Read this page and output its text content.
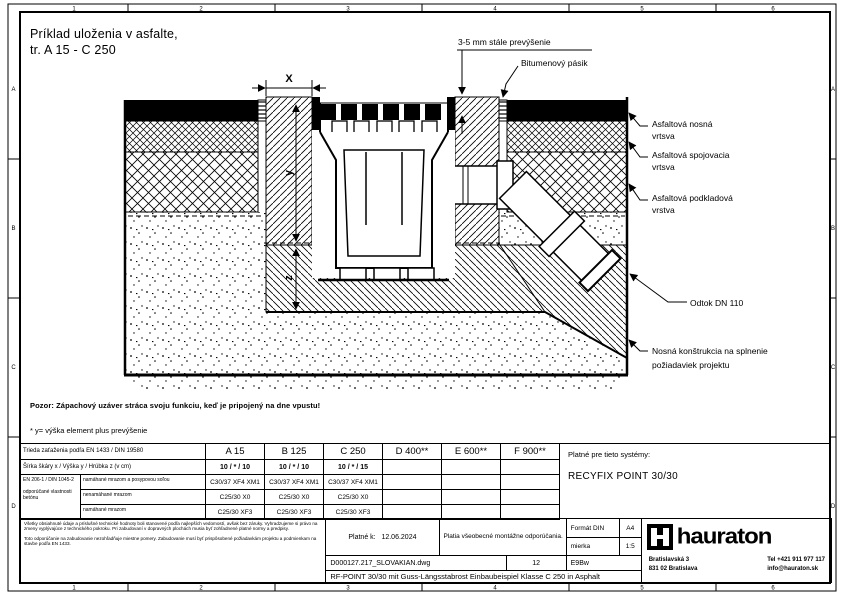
1	2	3	4	5	6
1	2	3	4	5	6
A
B
C
D
A
B
C
D
X
y
z
3-5 mm stále prevýšenie
Bitumenový pásik
Asfaltová nosná
vrtsva
Asfaltová spojovacia
vrtsva
Asfaltová podkladová
vrstva
Odtok DN 110
Nosná konštrukcia na splnenie
požiadaviek projektu
Príklad uloženia v asfalte,
tr. A 15 - C 250
Pozor: Zápachový uzáver stráca svoju funkciu, keď je pripojený na dne vpustu!
* y= výška element plus prevýšenie
Trieda zaťaženia podľa EN 1433 / DIN 19580		A 15	B 125	C 250	D 400**	E 600**	F 900**
Šírka škáry x / Výška y / Hrúbka z (v cm)		10 / * / 10	10 / * / 10	10 / * / 15			

EN 206-1 / DIN 1045-2
odporúčané vlastnosti betónu	namáhané mrazom a posypovou soľou	C30/37 XF4 XM1	C30/37 XF4 XM1	C30/37 XF4 XM1			
	nenamáhané mrazom	C25/30 X0	C25/30 X0	C25/30 X0			
	namáhané mrazom	C25/30 XF3	C25/30 XF3	C25/30 XF3			
Platné pre tieto systémy:
RECYFIX POINT 30/30

Všetky obsiahnuté údaje a príslušné technické hodnoty boli stanovené podľa najlepších vedomostí, avšak bez záruky. Vyhradzujeme si právo na zmeny vyplývajúce z technického pokroku. Pri zabudovaní v dopravných plochách musia byť zohľadnené platné normy a predpisy.

Toto odporúčanie na zabudovanie nezohľadňuje miestne pomery. Zabudovanie musí byť prispôsobené požiadavkám projektu a podmienkam na stavbe podľa EN 1433.

	Platné k: 12.06.2024	Platia všeobecné montážne odporúčania.	Formát DIN	A4	hauraton
Bratislavská 3
831 02 Bratislava
Tel +421 911 977 117
info@hauraton.sk

				mierka	1:5	
	D000127.217_SLOVAKIAN.dwg		12	E9Bw		
	RF-POINT 30/30 mit Guss-Längsstabrost Einbaubeispiel Klasse C 250 in Asphalt					
